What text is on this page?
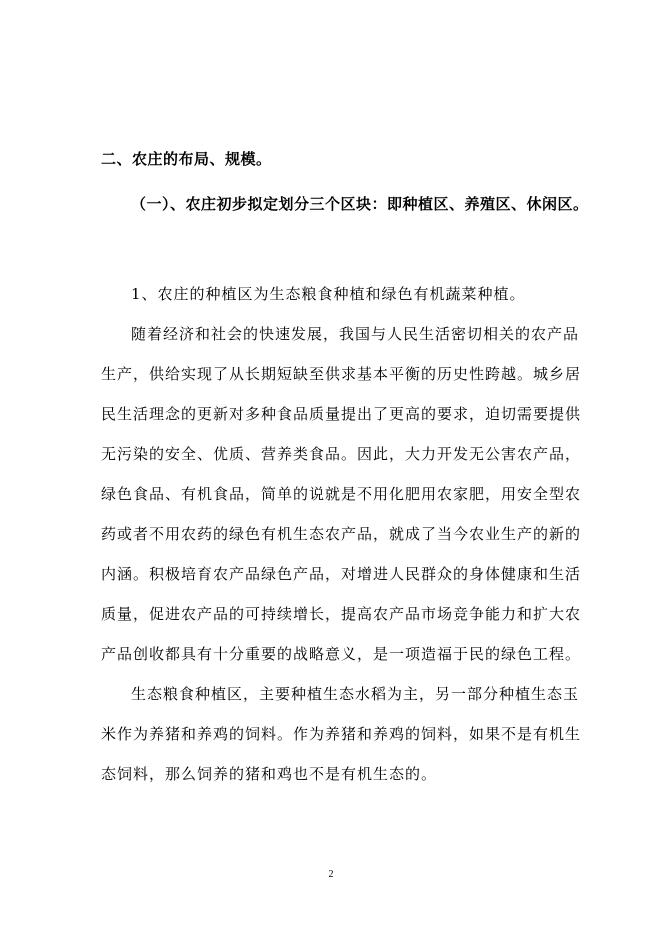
二、农庄的布局、规模。
（一）、农庄初步拟定划分三个区块：即种植区、养殖区、休闲区。
1、农庄的种植区为生态粮食种植和绿色有机蔬菜种植。
随着经济和社会的快速发展，我国与人民生活密切相关的农产品
生产，供给实现了从长期短缺至供求基本平衡的历史性跨越。城乡居
民生活理念的更新对多种食品质量提出了更高的要求，迫切需要提供
无污染的安全、优质、营养类食品。因此，大力开发无公害农产品，
绿色食品、有机食品，简单的说就是不用化肥用农家肥，用安全型农
药或者不用农药的绿色有机生态农产品，就成了当今农业生产的新的
内涵。积极培育农产品绿色产品，对增进人民群众的身体健康和生活
质量，促进农产品的可持续增长，提高农产品市场竞争能力和扩大农
产品创收都具有十分重要的战略意义，是一项造福于民的绿色工程。
生态粮食种植区，主要种植生态水稻为主，另一部分种植生态玉
米作为养猪和养鸡的饲料。作为养猪和养鸡的饲料，如果不是有机生
态饲料，那么饲养的猪和鸡也不是有机生态的。
2
